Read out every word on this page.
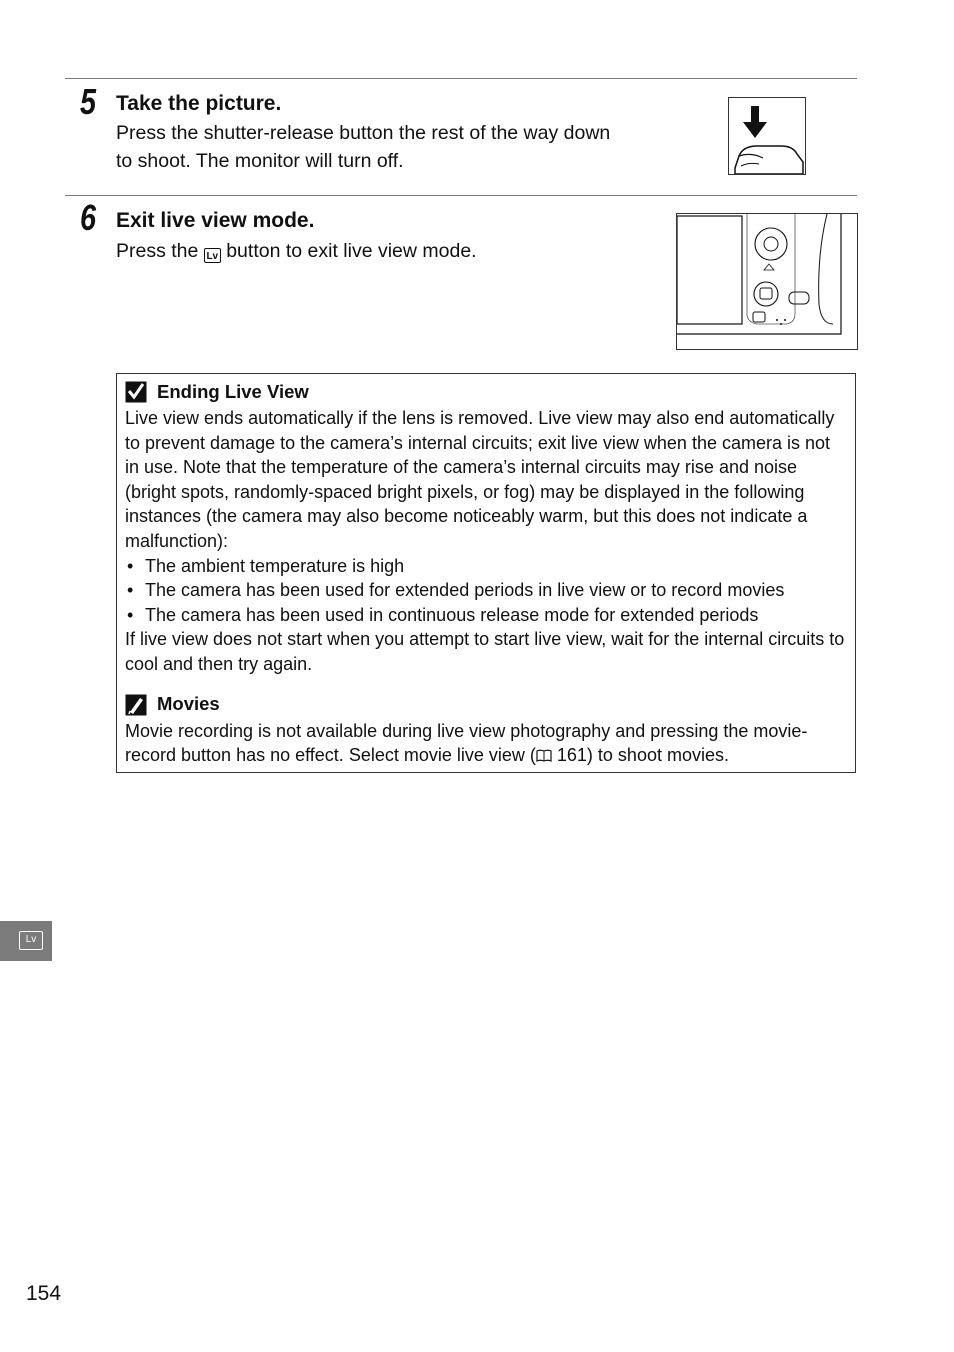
5 Take the picture.
Press the shutter-release button the rest of the way down
to shoot. The monitor will turn off.
6 Exit live view mode.
Press the Lv button to exit live view mode.
Ending Live View

Live view ends automatically if the lens is removed. Live view may also end automatically to prevent damage to the camera’s internal circuits; exit live view when the camera is not in use. Note that the temperature of the camera’s internal circuits may rise and noise (bright spots, randomly-spaced bright pixels, or fog) may be displayed in the following instances (the camera may also become noticeably warm, but this does not indicate a malfunction):

• The ambient temperature is high
• The camera has been used for extended periods in live view or to record movies
• The camera has been used in continuous release mode for extended periods

If live view does not start when you attempt to start live view, wait for the internal circuits to cool and then try again.

Movies

Movie recording is not available during live view photography and pressing the movie-record button has no effect. Select movie live view ( 161) to shoot movies.

Lv
154
